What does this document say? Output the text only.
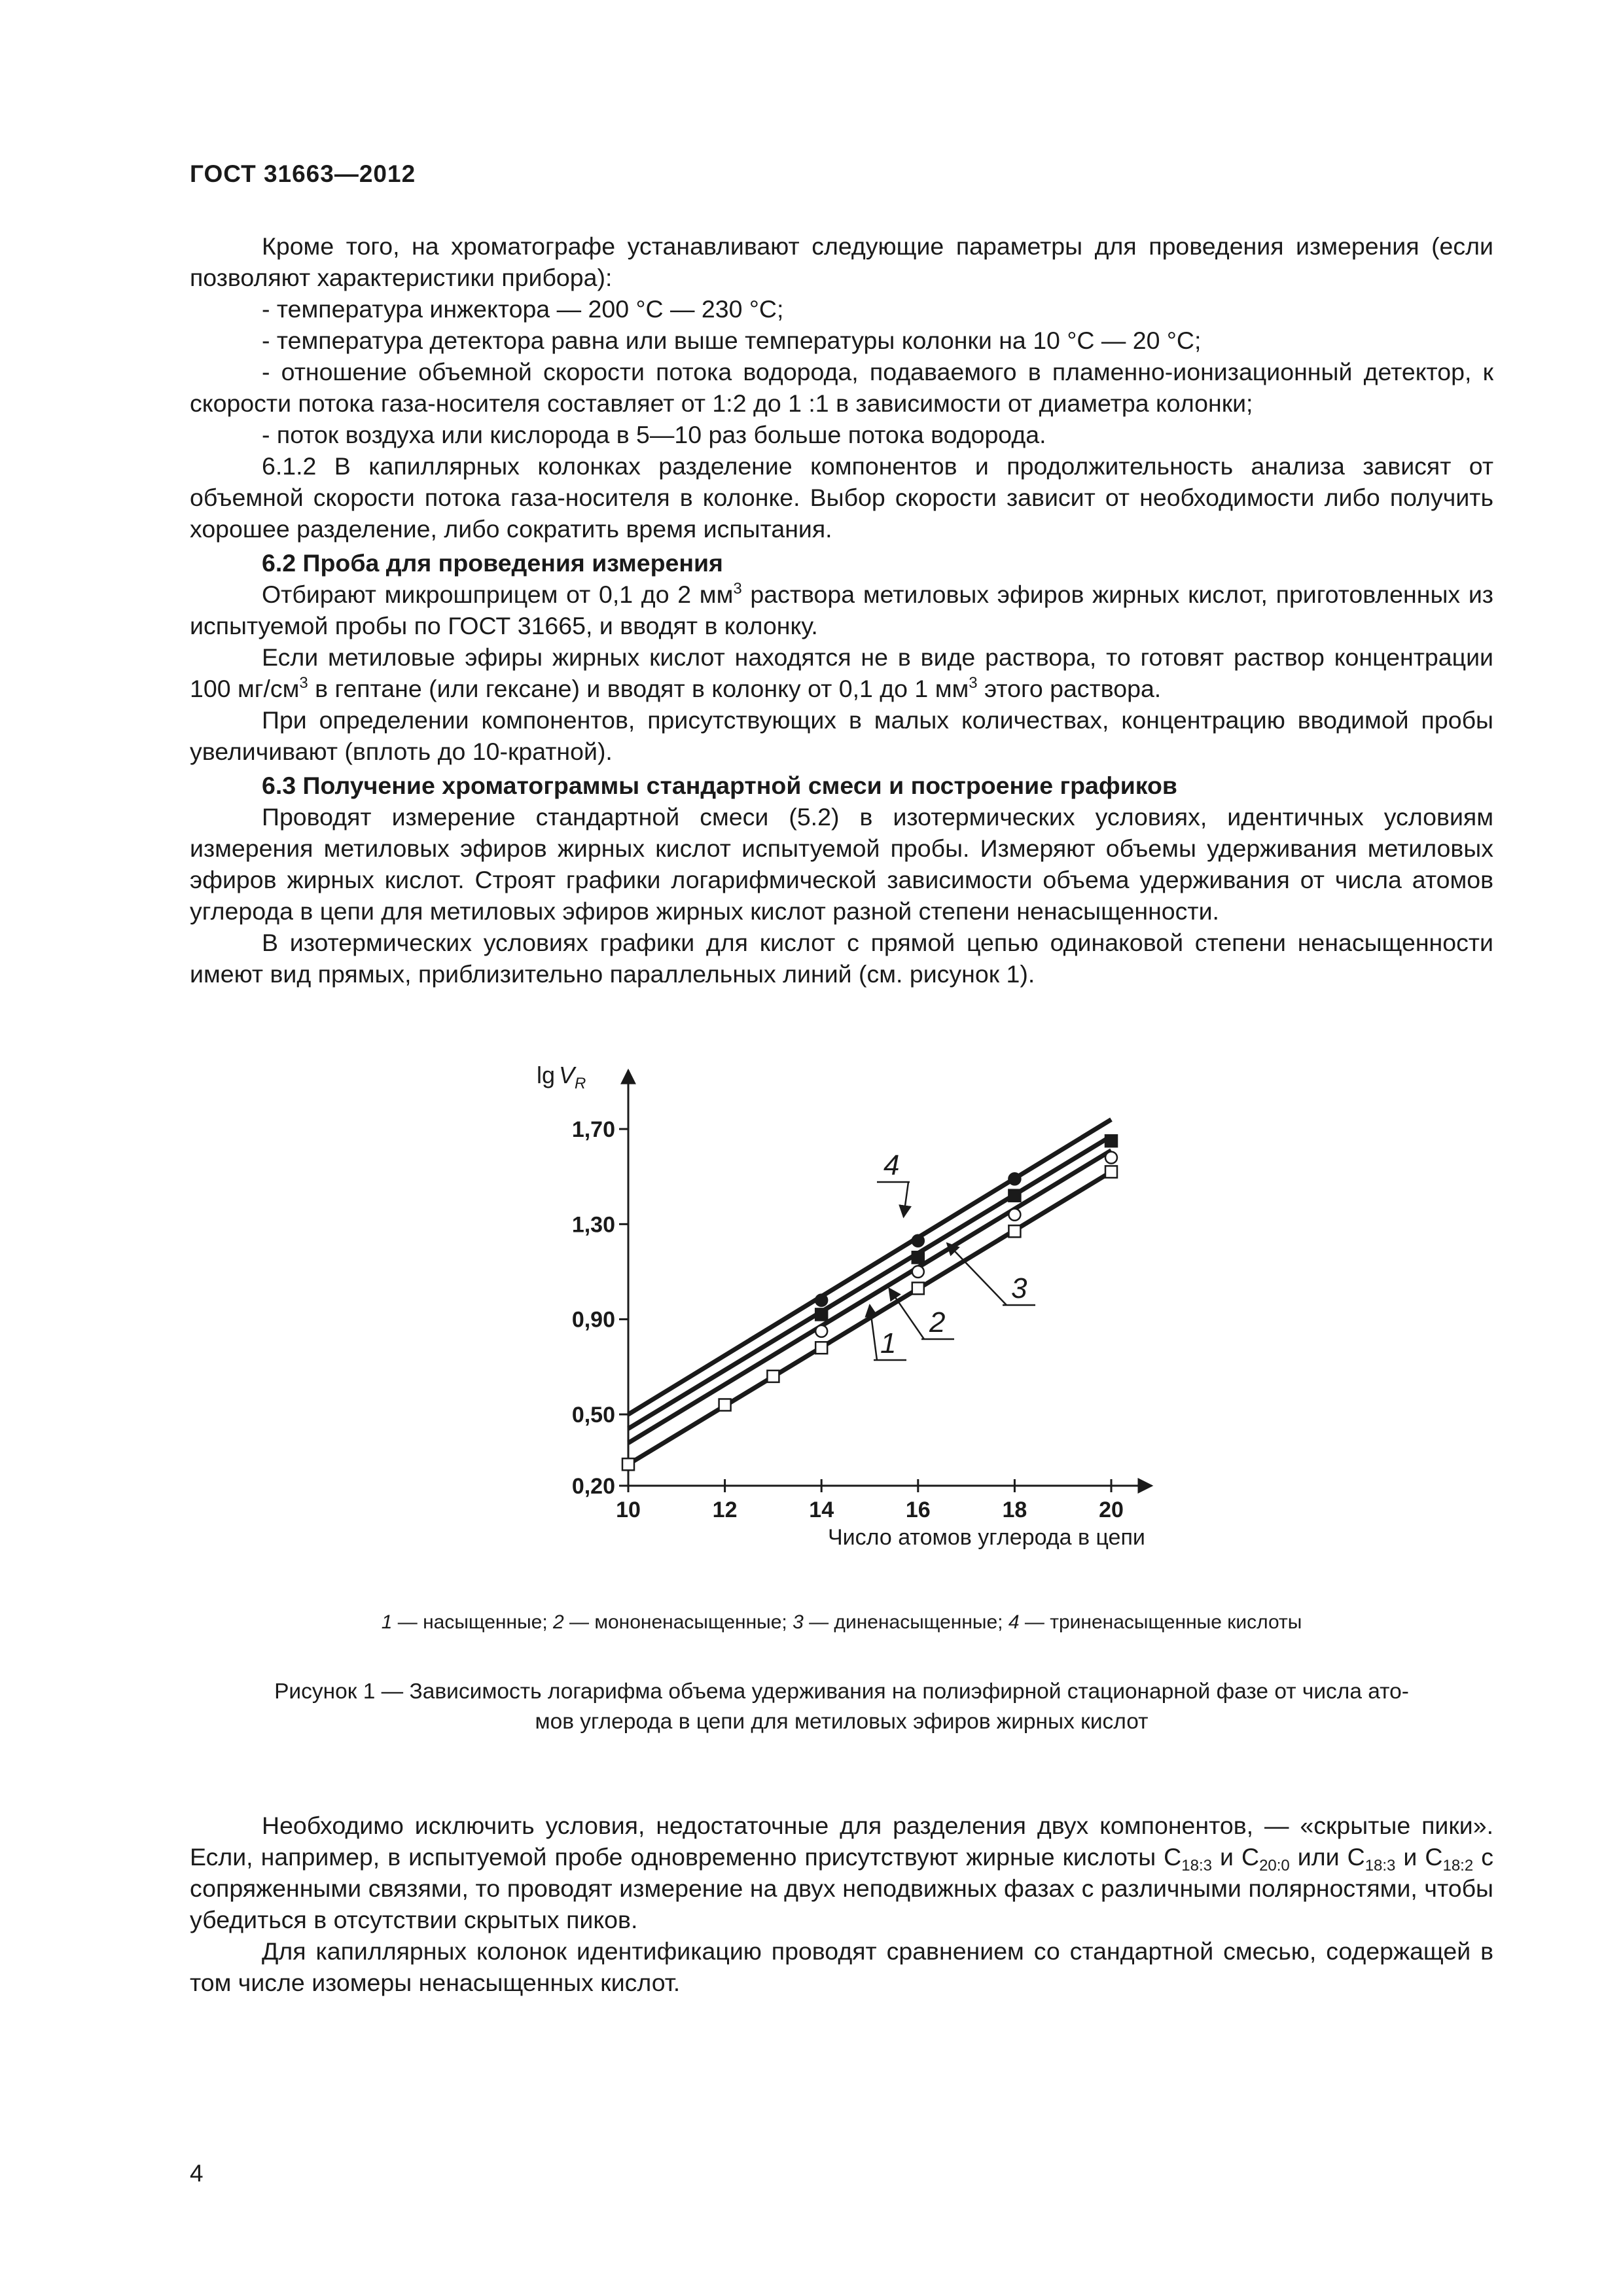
ГОСТ 31663—2012

Кроме того, на хроматографе устанавливают следующие параметры для проведения измерения (если позволяют характеристики прибора):

- температура инжектора — 200 °C — 230 °C;

- температура детектора равна или выше температуры колонки на 10 °C — 20 °C;

- отношение объемной скорости потока водорода, подаваемого в пламенно-ионизационный детектор, к скорости потока газа-носителя составляет от 1:2 до 1 :1 в зависимости от диаметра колонки;

- поток воздуха или кислорода в 5—10 раз больше потока водорода.

6.1.2 В капиллярных колонках разделение компонентов и продолжительность анализа зависят от объемной скорости потока газа-носителя в колонке. Выбор скорости зависит от необходимости либо получить хорошее разделение, либо сократить время испытания.

6.2 Проба для проведения измерения

Отбирают микрошприцем от 0,1 до 2 $мм^3$ раствора метиловых эфиров жирных кислот, приготовленных из испытуемой пробы по ГОСТ 31665, и вводят в колонку.

Если метиловые эфиры жирных кислот находятся не в виде раствора, то готовят раствор концентрации 100 $мг/см^3$ в гептане (или гексане) и вводят в колонку от 0,1 до 1 $мм^3$ этого раствора.

При определении компонентов, присутствующих в малых количествах, концентрацию вводимой пробы увеличивают (вплоть до 10-кратной).

6.3 Получение хроматограммы стандартной смеси и построение графиков

Проводят измерение стандартной смеси (5.2) в изотермических условиях, идентичных условиям измерения метиловых эфиров жирных кислот испытуемой пробы. Измеряют объемы удерживания метиловых эфиров жирных кислот. Строят графики логарифмической зависимости объема удерживания от числа атомов углерода в цепи для метиловых эфиров жирных кислот разной степени ненасыщенности.

В изотермических условиях графики для кислот с прямой цепью одинаковой степени ненасыщенности имеют вид прямых, приблизительно параллельных линий (см. рисунок 1).

10	12	14	16	18	20
0,20
0,50
0,90
1,30
1,70
1
2
3
4
$\lg V_R$
Число атомов углерода в цепи
1 — насыщенные; 2 — мононенасыщенные; 3 — диненасыщенные; 4 — триненасыщенные кислоты
Рисунок 1 — Зависимость логарифма объема удерживания на полиэфирной стационарной фазе от числа ато-
мов углерода в цепи для метиловых эфиров жирных кислот

Необходимо исключить условия, недостаточные для разделения двух компонентов, — «скрытые пики». Если, например, в испытуемой пробе одновременно присутствуют жирные кислоты $С_{18:3}$ и $С_{20:0}$ или $С_{18:3}$ и $С_{18:2}$ с сопряженными связями, то проводят измерение на двух неподвижных фазах с различными полярностями, чтобы убедиться в отсутствии скрытых пиков.

Для капиллярных колонок идентификацию проводят сравнением со стандартной смесью, содержащей в том числе изомеры ненасыщенных кислот.

4
